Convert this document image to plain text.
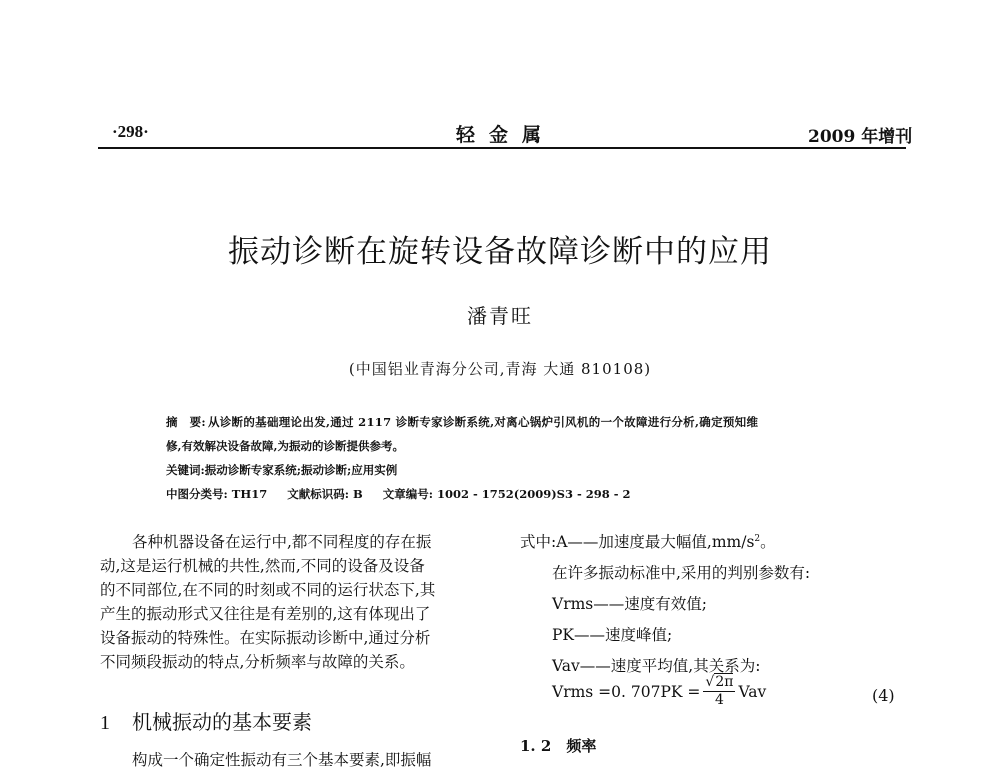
·298·	轻金属	2009 年增刊
振动诊断在旋转设备故障诊断中的应用
潘青旺
(中国铝业青海分公司,青海 大通 810108)
摘　要: 从诊断的基础理论出发,通过 2117 诊断专家诊断系统,对离心锅炉引风机的一个故障进行分析,确定预知维
修,有效解决设备故障,为振动的诊断提供参考。
关键词:振动诊断专家系统;振动诊断;应用实例
中图分类号: TH17 文献标识码: B 文章编号: 1002 - 1752(2009)S3 - 298 - 2

各种机器设备在运行中,都不同程度的存在振

动,这是运行机械的共性,然而,不同的设备及设备

的不同部位,在不同的时刻或不同的运行状态下,其

产生的振动形式又往往是有差别的,这有体现出了

设备振动的特殊性。在实际振动诊断中,通过分析

不同频段振动的特点,分析频率与故障的关系。

1 机械振动的基本要素
构成一个确定性振动有三个基本要素,即振幅
式中:A——加速度最大幅值$,mm/s^2$。
在许多振动标准中,采用的判别参数有:
Vrms——速度有效值;
PK——速度峰值;
Vav——速度平均值,其关系为:
Vrms =0. $707PK = \frac{√2\pi}{4}$ Vav	(4)
1. 2　频率
